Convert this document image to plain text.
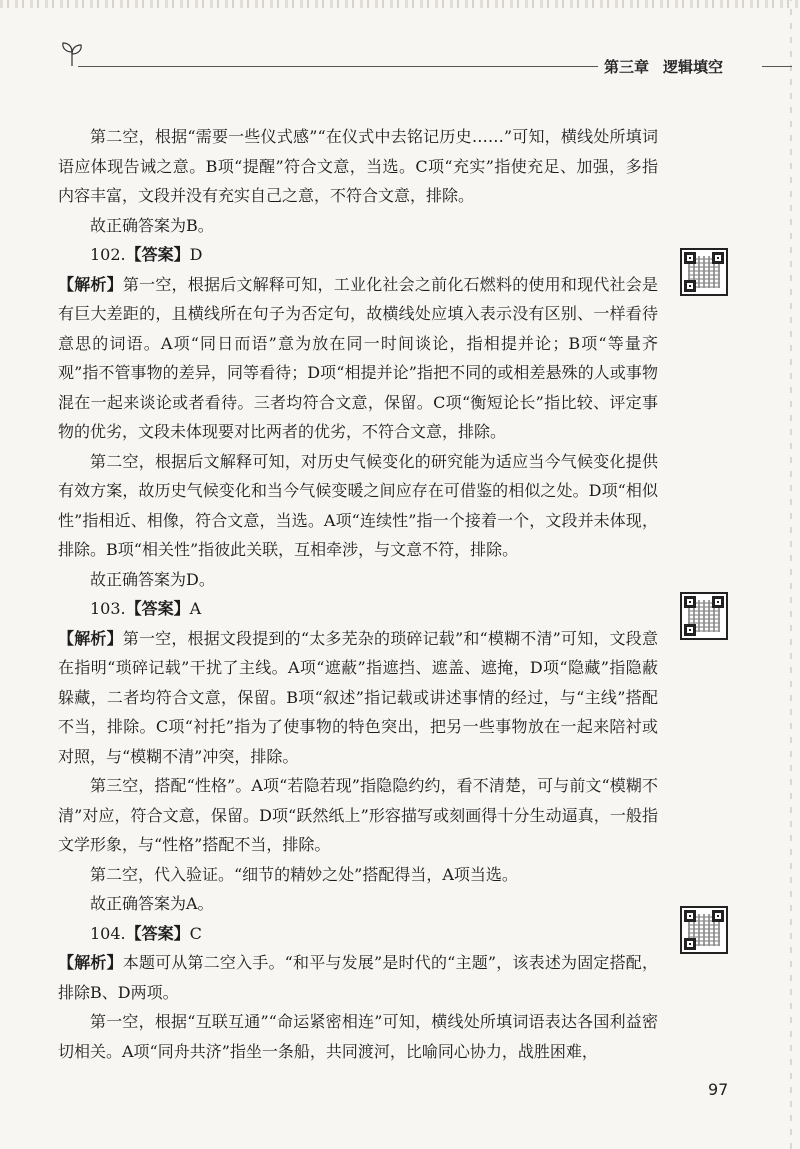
第三章 逻辑填空

第二空，根据“需要一些仪式感”“在仪式中去铭记历史……”可知，横线处所填词语应体现告诫之意。B项“提醒”符合文意，当选。C项“充实”指使充足、加强，多指内容丰富，文段并没有充实自己之意，不符合文意，排除。

故正确答案为B。

102.【答案】D

【解析】第一空，根据后文解释可知，工业化社会之前化石燃料的使用和现代社会是有巨大差距的，且横线所在句子为否定句，故横线处应填入表示没有区别、一样看待意思的词语。A项“同日而语”意为放在同一时间谈论，指相提并论；B项“等量齐观”指不管事物的差异，同等看待；D项“相提并论”指把不同的或相差悬殊的人或事物混在一起来谈论或者看待。三者均符合文意，保留。C项“衡短论长”指比较、评定事物的优劣，文段未体现要对比两者的优劣，不符合文意，排除。

第二空，根据后文解释可知，对历史气候变化的研究能为适应当今气候变化提供有效方案，故历史气候变化和当今气候变暖之间应存在可借鉴的相似之处。D项“相似性”指相近、相像，符合文意，当选。A项“连续性”指一个接着一个，文段并未体现，排除。B项“相关性”指彼此关联，互相牵涉，与文意不符，排除。

故正确答案为D。

103.【答案】A

【解析】第一空，根据文段提到的“太多芜杂的琐碎记载”和“模糊不清”可知，文段意在指明“琐碎记载”干扰了主线。A项“遮蔽”指遮挡、遮盖、遮掩，D项“隐藏”指隐蔽躲藏，二者均符合文意，保留。B项“叙述”指记载或讲述事情的经过，与“主线”搭配不当，排除。C项“衬托”指为了使事物的特色突出，把另一些事物放在一起来陪衬或对照，与“模糊不清”冲突，排除。

第三空，搭配“性格”。A项“若隐若现”指隐隐约约，看不清楚，可与前文“模糊不清”对应，符合文意，保留。D项“跃然纸上”形容描写或刻画得十分生动逼真，一般指文学形象，与“性格”搭配不当，排除。

第二空，代入验证。“细节的精妙之处”搭配得当，A项当选。

故正确答案为A。

104.【答案】C

【解析】本题可从第二空入手。“和平与发展”是时代的“主题”，该表述为固定搭配，排除B、D两项。

第一空，根据“互联互通”“命运紧密相连”可知，横线处所填词语表达各国利益密切相关。A项“同舟共济”指坐一条船，共同渡河，比喻同心协力，战胜困难，

97
